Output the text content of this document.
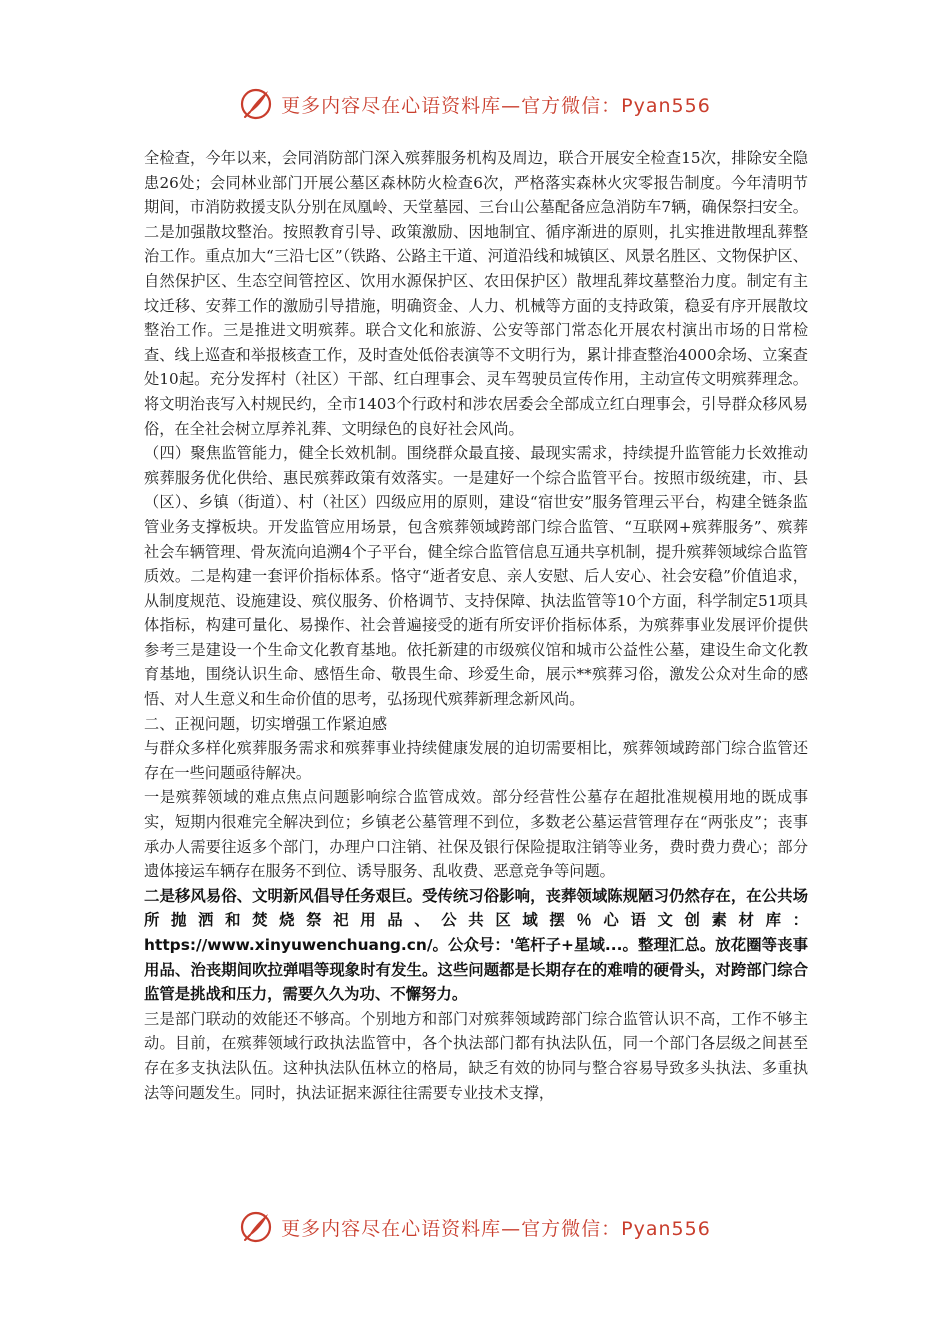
更多内容尽在心语资料库—官方微信：Pyan556

全检查，今年以来，会同消防部门深入殡葬服务机构及周边，联合开展安全检查15次，排除安全隐患26处；会同林业部门开展公墓区森林防火检查6次，严格落实森林火灾零报告制度。今年清明节期间，市消防救援支队分别在凤凰岭、天堂墓园、三台山公墓配备应急消防车7辆，确保祭扫安全。二是加强散坟整治。按照教育引导、政策激励、因地制宜、循序渐进的原则，扎实推进散埋乱葬整治工作。重点加大“三沿七区”（铁路、公路主干道、河道沿线和城镇区、风景名胜区、文物保护区、自然保护区、生态空间管控区、饮用水源保护区、农田保护区）散埋乱葬坟墓整治力度。制定有主坟迁移、安葬工作的激励引导措施，明确资金、人力、机械等方面的支持政策，稳妥有序开展散坟整治工作。三是推进文明殡葬。联合文化和旅游、公安等部门常态化开展农村演出市场的日常检查、线上巡查和举报核查工作，及时查处低俗表演等不文明行为，累计排查整治4000余场、立案查处10起。充分发挥村（社区）干部、红白理事会、灵车驾驶员宣传作用，主动宣传文明殡葬理念。将文明治丧写入村规民约，全市1403个行政村和涉农居委会全部成立红白理事会，引导群众移风易俗，在全社会树立厚养礼葬、文明绿色的良好社会风尚。

（四）聚焦监管能力，健全长效机制。围绕群众最直接、最现实需求，持续提升监管能力长效推动殡葬服务优化供给、惠民殡葬政策有效落实。一是建好一个综合监管平台。按照市级统建，市、县（区）、乡镇（街道）、村（社区）四级应用的原则，建设“宿世安”服务管理云平台，构建全链条监管业务支撑板块。开发监管应用场景，包含殡葬领域跨部门综合监管、“互联网+殡葬服务”、殡葬社会车辆管理、骨灰流向追溯4个子平台，健全综合监管信息互通共享机制，提升殡葬领域综合监管质效。二是构建一套评价指标体系。恪守“逝者安息、亲人安慰、后人安心、社会安稳”价值追求，从制度规范、设施建设、殡仪服务、价格调节、支持保障、执法监管等10个方面，科学制定51项具体指标，构建可量化、易操作、社会普遍接受的逝有所安评价指标体系，为殡葬事业发展评价提供参考三是建设一个生命文化教育基地。依托新建的市级殡仪馆和城市公益性公墓，建设生命文化教育基地，围绕认识生命、感悟生命、敬畏生命、珍爱生命，展示**殡葬习俗，激发公众对生命的感悟、对人生意义和生命价值的思考，弘扬现代殡葬新理念新风尚。

二、正视问题，切实增强工作紧迫感

与群众多样化殡葬服务需求和殡葬事业持续健康发展的迫切需要相比，殡葬领域跨部门综合监管还存在一些问题亟待解决。

一是殡葬领域的难点焦点问题影响综合监管成效。部分经营性公墓存在超批准规模用地的既成事实，短期内很难完全解决到位；乡镇老公墓管理不到位，多数老公墓运营管理存在“两张皮”；丧事承办人需要往返多个部门，办理户口注销、社保及银行保险提取注销等业务，费时费力费心；部分遗体接运车辆存在服务不到位、诱导服务、乱收费、恶意竞争等问题。

二是移风易俗、文明新风倡导任务艰巨。受传统习俗影响，丧葬领域陈规陋习仍然存在，在公共场所抛洒和焚烧祭祀用品、公共区域摆％心语文创素材库：https://www.xinyuwenchuang.cn/。公众号：'笔杆子+星域...。整理汇总。放花圈等丧事用品、治丧期间吹拉弹唱等现象时有发生。这些问题都是长期存在的难啃的硬骨头，对跨部门综合监管是挑战和压力，需要久久为功、不懈努力。

三是部门联动的效能还不够高。个别地方和部门对殡葬领域跨部门综合监管认识不高，工作不够主动。目前，在殡葬领域行政执法监管中，各个执法部门都有执法队伍，同一个部门各层级之间甚至存在多支执法队伍。这种执法队伍林立的格局，缺乏有效的协同与整合容易导致多头执法、多重执法等问题发生。同时，执法证据来源往往需要专业技术支撑，

更多内容尽在心语资料库—官方微信：Pyan556
